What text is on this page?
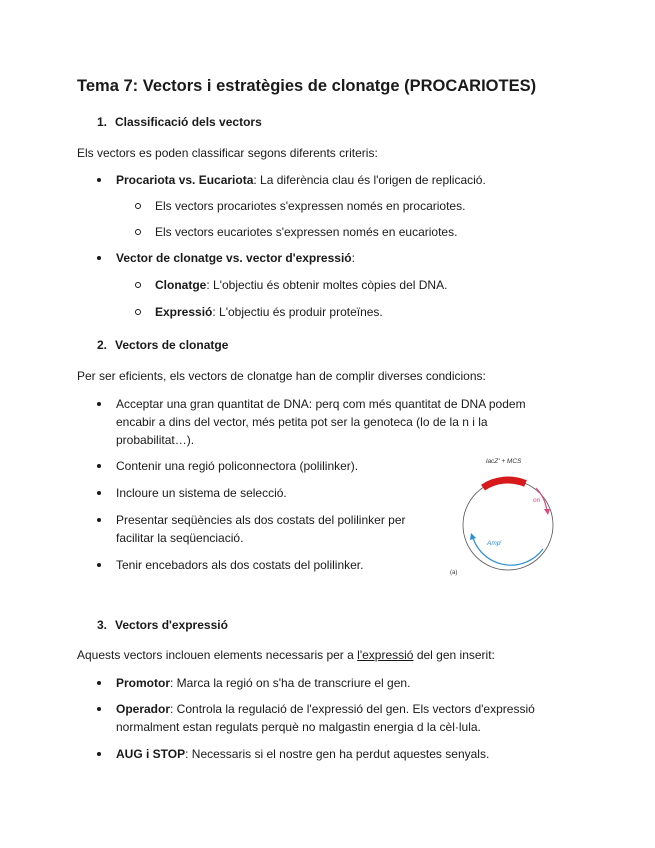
Tema 7: Vectors i estratègies de clonatge (PROCARIOTES)
1. Classificació dels vectors
Els vectors es poden classificar segons diferents criteris:
Procariota vs. Eucariota: La diferència clau és l'origen de replicació.
Els vectors procariotes s'expressen només en procariotes.
Els vectors eucariotes s'expressen només en eucariotes.
Vector de clonatge vs. vector d'expressió:
Clonatge: L'objectiu és obtenir moltes còpies del DNA.
Expressió: L'objectiu és produir proteïnes.
2. Vectors de clonatge
Per ser eficients, els vectors de clonatge han de complir diverses condicions:
Acceptar una gran quantitat de DNA: perq com més quantitat de DNA podem
encabir a dins del vector, més petita pot ser la genoteca (lo de la n i la
probabilitat…).
Contenir una regió policonnectora (polilinker).
Incloure un sistema de selecció.
Presentar seqüències als dos costats del polilinker per
facilitar la seqüenciació.
Tenir encebadors als dos costats del polilinker.
lacZ' + MCS
ori
Amp$^r$
(a)
3. Vectors d'expressió
Aquests vectors inclouen elements necessaris per a l'expressió del gen inserit:
Promotor: Marca la regió on s'ha de transcriure el gen.
Operador: Controla la regulació de l'expressió del gen. Els vectors d'expressió
normalment estan regulats perquè no malgastin energia d la cèl·lula.
AUG i STOP: Necessaris si el nostre gen ha perdut aquestes senyals.
